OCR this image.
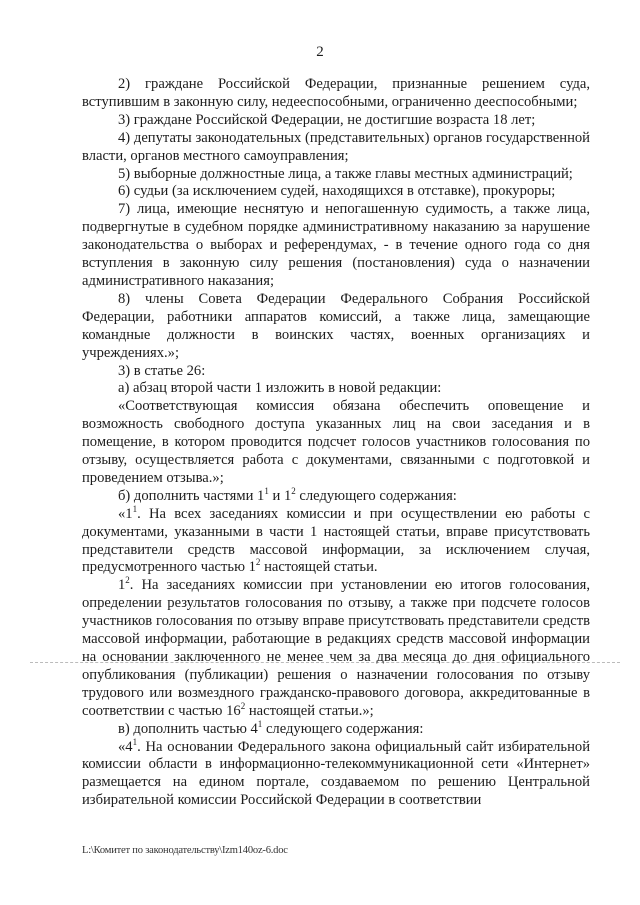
2

2) граждане Российской Федерации, признанные решением суда, вступившим в законную силу, недееспособными, ограниченно дееспособными;

3) граждане Российской Федерации, не достигшие возраста 18 лет;

4) депутаты законодательных (представительных) органов государственной власти, органов местного самоуправления;

5) выборные должностные лица, а также главы местных администраций;

6) судьи (за исключением судей, находящихся в отставке), прокуроры;

7) лица, имеющие неснятую и непогашенную судимость, а также лица, подвергнутые в судебном порядке административному наказанию за нарушение законодательства о выборах и референдумах, - в течение одного года со дня вступления в законную силу решения (постановления) суда о назначении административного наказания;

8) члены Совета Федерации Федерального Собрания Российской Федерации, работники аппаратов комиссий, а также лица, замещающие командные должности в воинских частях, военных организациях и учреждениях.»;

3) в статье 26:

а) абзац второй части 1 изложить в новой редакции:

«Соответствующая комиссия обязана обеспечить оповещение и возможность свободного доступа указанных лиц на свои заседания и в помещение, в котором проводится подсчет голосов участников голосования по отзыву, осуществляется работа с документами, связанными с подготовкой и проведением отзыва.»;

б) дополнить частями $1^1$ и $1^2$ следующего содержания:

«$1^1$. На всех заседаниях комиссии и при осуществлении ею работы с документами, указанными в части 1 настоящей статьи, вправе присутствовать представители средств массовой информации, за исключением случая, предусмотренного частью $1^2$ настоящей статьи.

$1^2$. На заседаниях комиссии при установлении ею итогов голосования, определении результатов голосования по отзыву, а также при подсчете голосов участников голосования по отзыву вправе присутствовать представители средств массовой информации, работающие в редакциях средств массовой информации на основании заключенного не менее чем за два месяца до дня официального опубликования (публикации) решения о назначении голосования по отзыву трудового или возмездного гражданско-правового договора, аккредитованные в соответствии с частью $16^2$ настоящей статьи.»;

в) дополнить частью $4^1$ следующего содержания:

«$4^1$. На основании Федерального закона официальный сайт избирательной комиссии области в информационно-телекоммуникационной сети «Интернет» размещается на едином портале, создаваемом по решению Центральной избирательной комиссии Российской Федерации в соответствии

L:\Комитет по законодательству\Izm140oz-6.doc
